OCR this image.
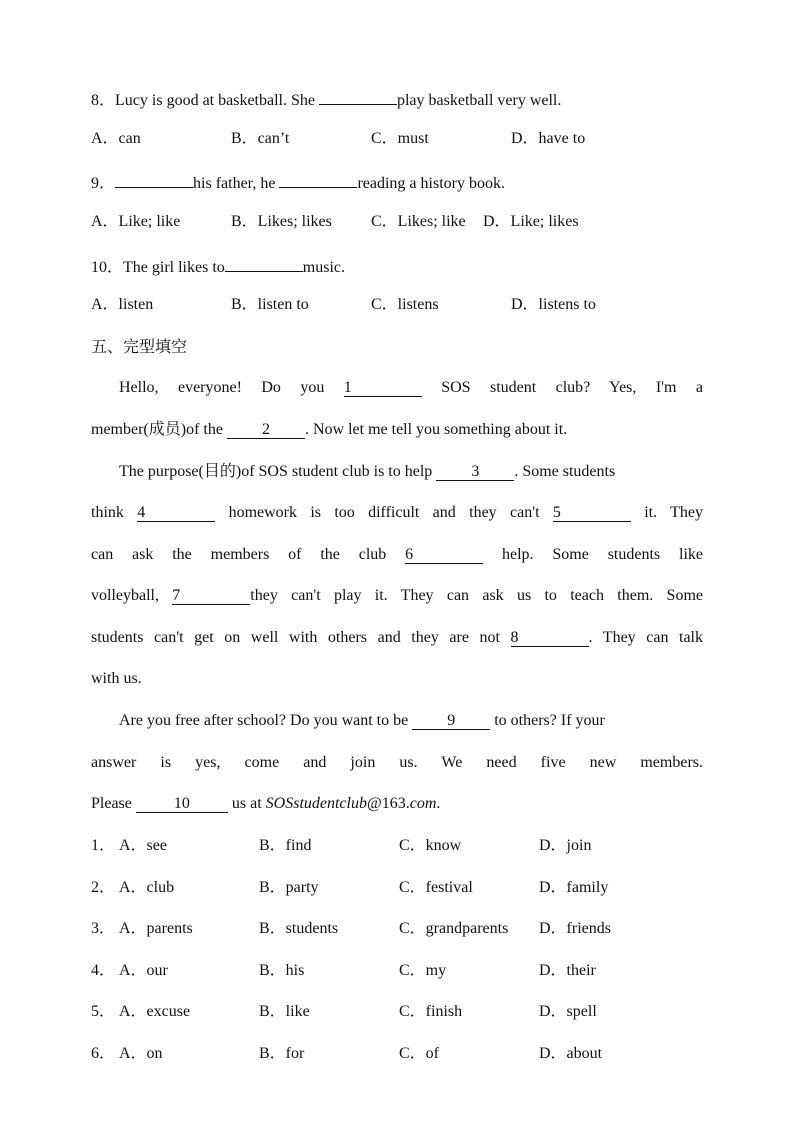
8．Lucy is good at basketball. She	play basketball very well.
A．can	B．can’t	C．must	D．have to
9．	his father, he	reading a history book.
A．Like; like	B．Likes; likes	C．Likes; like	D．Like; likes
10．The girl likes to	music.
A．listen	B．listen to	C．listens	D．listens to
五、完型填空
Hello, everyone! Do you 1	SOS student club? Yes, I'm a
member(成员)of the 2 . Now let me tell you something about it.
The purpose(目的)of SOS student club is to help 3 . Some students
think 4	homework is too difficult and they can't 5	it. They
can ask the members of the club 6	help. Some students like
volleyball, 7	they can't play it. They can ask us to teach them. Some
students can't get on well with others and they are not 8	. They can talk
with us.
Are you free after school? Do you want to be 9 to others? If your
answer is yes, come and join us. We need five new members.
Please 10 us at SOSstudentclub@163.com.
1． A．see	B．find	C．know	D．join
2． A．club	B．party	C．festival	D．family
3． A．parents	B．students	C．grandparents	D．friends
4． A．our	B．his	C．my	D．their
5． A．excuse	B．like	C．finish	D．spell
6． A．on	B．for	C．of	D．about
